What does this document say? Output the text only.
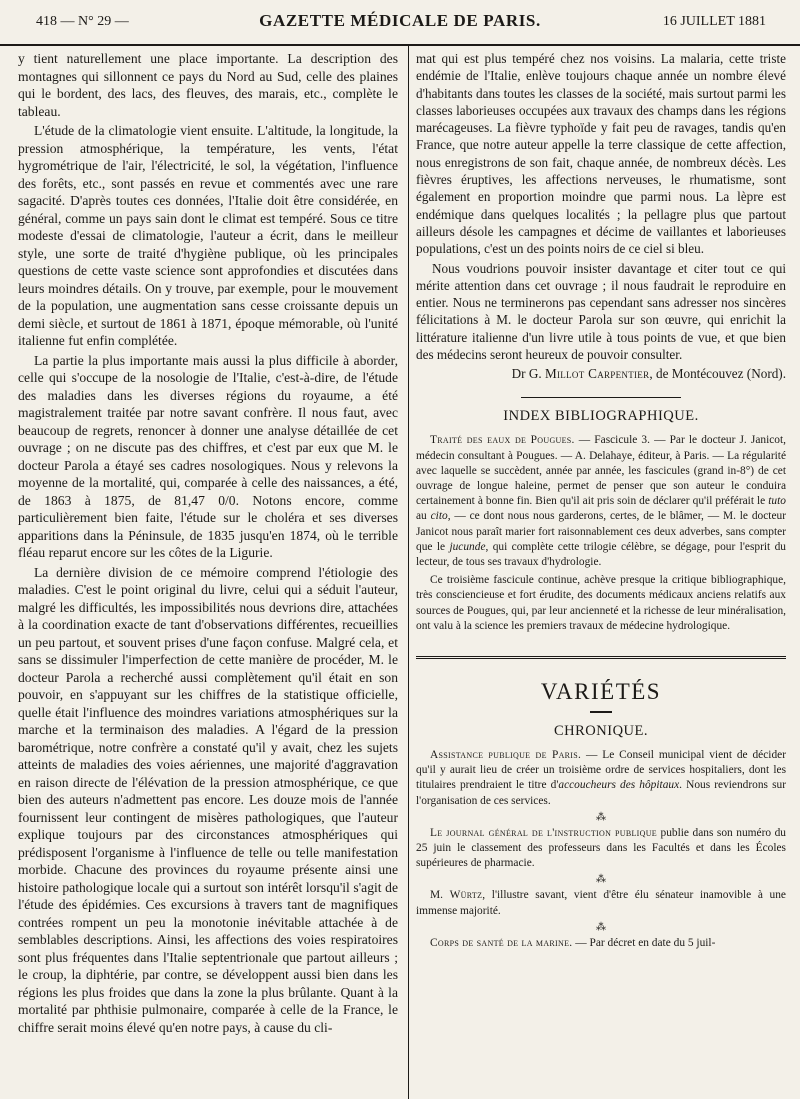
418 — N° 29 —	GAZETTE MÉDICALE DE PARIS.	16 JUILLET 1881

y tient naturellement une place importante. La description des montagnes qui sillonnent ce pays du Nord au Sud, celle des plaines qui le bordent, des lacs, des fleuves, des marais, etc., complète le tableau.

L'étude de la climatologie vient ensuite. L'altitude, la longitude, la pression atmosphérique, la température, les vents, l'état hygrométrique de l'air, l'électricité, le sol, la végétation, l'influence des forêts, etc., sont passés en revue et commentés avec une rare sagacité. D'après toutes ces données, l'Italie doit être considérée, en général, comme un pays sain dont le climat est tempéré. Sous ce titre modeste d'essai de climatologie, l'auteur a écrit, dans le meilleur style, une sorte de traité d'hygiène publique, où les principales questions de cette vaste science sont approfondies et discutées dans leurs moindres détails. On y trouve, par exemple, pour le mouvement de la population, une augmentation sans cesse croissante depuis un demi siècle, et surtout de 1861 à 1871, époque mémorable, où l'unité italienne fut enfin complétée.

La partie la plus importante mais aussi la plus difficile à aborder, celle qui s'occupe de la nosologie de l'Italie, c'est-à-dire, de l'étude des maladies dans les diverses régions du royaume, a été magistralement traitée par notre savant confrère. Il nous faut, avec beaucoup de regrets, renoncer à donner une analyse détaillée de cet ouvrage ; on ne discute pas des chiffres, et c'est par eux que M. le docteur Parola a étayé ses cadres nosologiques. Nous y relevons la moyenne de la mortalité, qui, comparée à celle des naissances, a été, de 1863 à 1875, de 81,47 0/0. Notons encore, comme particulièrement bien faite, l'étude sur le choléra et ses diverses apparitions dans la Péninsule, de 1835 jusqu'en 1874, où le terrible fléau reparut encore sur les côtes de la Ligurie.

La dernière division de ce mémoire comprend l'étiologie des maladies. C'est le point original du livre, celui qui a séduit l'auteur, malgré les difficultés, les impossibilités nous devrions dire, attachées à la coordination exacte de tant d'observations différentes, recueillies un peu partout, et souvent prises d'une façon confuse. Malgré cela, et sans se dissimuler l'imperfection de cette manière de procéder, M. le docteur Parola a recherché aussi complètement qu'il était en son pouvoir, en s'appuyant sur les chiffres de la statistique officielle, quelle était l'influence des moindres variations atmosphériques sur la marche et la terminaison des maladies. A l'égard de la pression barométrique, notre confrère a constaté qu'il y avait, chez les sujets atteints de maladies des voies aériennes, une majorité d'aggravation en raison directe de l'élévation de la pression atmosphérique, ce que bien des auteurs n'admettent pas encore. Les douze mois de l'année fournissent leur contingent de misères pathologiques, que l'auteur explique toujours par des circonstances atmosphériques qui prédisposent l'organisme à l'influence de telle ou telle manifestation morbide. Chacune des provinces du royaume présente ainsi une histoire pathologique locale qui a surtout son intérêt lorsqu'il s'agit de l'étude des épidémies. Ces excursions à travers tant de magnifiques contrées rompent un peu la monotonie inévitable attachée à de semblables descriptions. Ainsi, les affections des voies respiratoires sont plus fréquentes dans l'Italie septentrionale que partout ailleurs ; le croup, la diphtérie, par contre, se développent aussi bien dans les régions les plus froides que dans la zone la plus brûlante. Quant à la mortalité par phthisie pulmonaire, comparée à celle de la France, le chiffre serait moins élevé qu'en notre pays, à cause du cli-

mat qui est plus tempéré chez nos voisins. La malaria, cette triste endémie de l'Italie, enlève toujours chaque année un nombre élevé d'habitants dans toutes les classes de la société, mais surtout parmi les classes laborieuses occupées aux travaux des champs dans les régions marécageuses. La fièvre typhoïde y fait peu de ravages, tandis qu'en France, que notre auteur appelle la terre classique de cette affection, nous enregistrons de son fait, chaque année, de nombreux décès. Les fièvres éruptives, les affections nerveuses, le rhumatisme, sont également en proportion moindre que parmi nous. La lèpre est endémique dans quelques localités ; la pellagre plus que partout ailleurs désole les campagnes et décime de vaillantes et laborieuses populations, c'est un des points noirs de ce ciel si bleu.

Nous voudrions pouvoir insister davantage et citer tout ce qui mérite attention dans cet ouvrage ; il nous faudrait le reproduire en entier. Nous ne terminerons pas cependant sans adresser nos sincères félicitations à M. le docteur Parola sur son œuvre, qui enrichit la littérature italienne d'un livre utile à tous points de vue, et que bien des médecins seront heureux de pouvoir consulter.

Dr G. Millot Carpentier, de Montécouvez (Nord).

INDEX BIBLIOGRAPHIQUE.

Traité des eaux de Pougues. — Fascicule 3. — Par le docteur J. Janicot, médecin consultant à Pougues. — A. Delahaye, éditeur, à Paris. — La régularité avec laquelle se succèdent, année par année, les fascicules (grand in-8°) de cet ouvrage de longue haleine, permet de penser que son auteur le conduira certainement à bonne fin. Bien qu'il ait pris soin de déclarer qu'il préférait le tuto au cito, — ce dont nous nous garderons, certes, de le blâmer, — M. le docteur Janicot nous paraît marier fort raisonnablement ces deux adverbes, sans compter que le jucunde, qui complète cette trilogie célèbre, se dégage, pour l'esprit du lecteur, de tous ses travaux d'hydrologie.

Ce troisième fascicule continue, achève presque la critique bibliographique, très consciencieuse et fort érudite, des documents médicaux anciens relatifs aux sources de Pougues, qui, par leur ancienneté et la richesse de leur minéralisation, ont valu à la science les premiers travaux de médecine hydrologique.

VARIÉTÉS
CHRONIQUE.

Assistance publique de Paris. — Le Conseil municipal vient de décider qu'il y aurait lieu de créer un troisième ordre de services hospitaliers, dont les titulaires prendraient le titre d'accoucheurs des hôpitaux. Nous reviendrons sur l'organisation de ces services.

⁂

Le journal général de l'instruction publique publie dans son numéro du 25 juin le classement des professeurs dans les Facultés et dans les Écoles supérieures de pharmacie.

⁂

M. Würtz, l'illustre savant, vient d'être élu sénateur inamovible à une immense majorité.

⁂

Corps de santé de la marine. — Par décret en date du 5 juil-
